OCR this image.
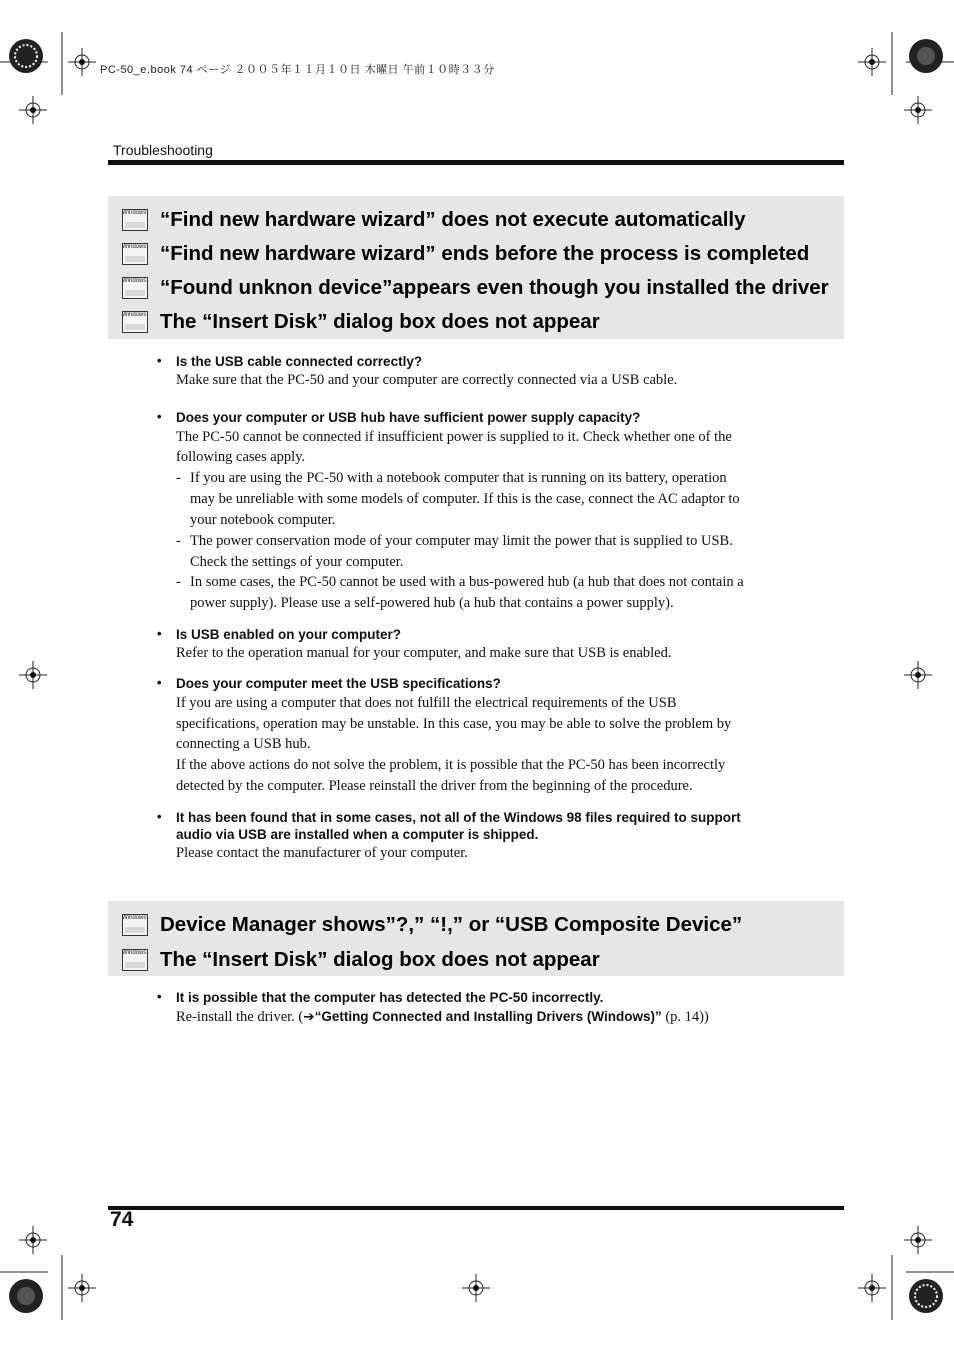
PC-50_e.book 74 ページ ２００５年１１月１０日 木曜日 午前１０時３３分
Troubleshooting
Windows “Find new hardware wizard” does not execute automatically
Windows “Find new hardware wizard” ends before the process is completed
Windows “Found unknon device”appears even though you installed the driver
Windows The “Insert Disk” dialog box does not appear
• Is the USB cable connected correctly?
Make sure that the PC-50 and your computer are correctly connected via a USB cable.
• Does your computer or USB hub have sufficient power supply capacity?
The PC-50 cannot be connected if insufficient power is supplied to it. Check whether one of the
following cases apply.
- If you are using the PC-50 with a notebook computer that is running on its battery, operation
may be unreliable with some models of computer. If this is the case, connect the AC adaptor to
your notebook computer.
- The power conservation mode of your computer may limit the power that is supplied to USB.
Check the settings of your computer.
- In some cases, the PC-50 cannot be used with a bus-powered hub (a hub that does not contain a
power supply). Please use a self-powered hub (a hub that contains a power supply).
• Is USB enabled on your computer?
Refer to the operation manual for your computer, and make sure that USB is enabled.
• Does your computer meet the USB specifications?
If you are using a computer that does not fulfill the electrical requirements of the USB
specifications, operation may be unstable. In this case, you may be able to solve the problem by
connecting a USB hub.
If the above actions do not solve the problem, it is possible that the PC-50 has been incorrectly
detected by the computer. Please reinstall the driver from the beginning of the procedure.
• It has been found that in some cases, not all of the Windows 98 files required to support
audio via USB are installed when a computer is shipped.
Please contact the manufacturer of your computer.
Windows Device Manager shows”?,” “!,” or “USB Composite Device”
Windows The “Insert Disk” dialog box does not appear
• It is possible that the computer has detected the PC-50 incorrectly.
Re-install the driver. (➔“Getting Connected and Installing Drivers (Windows)” (p. 14))
74
